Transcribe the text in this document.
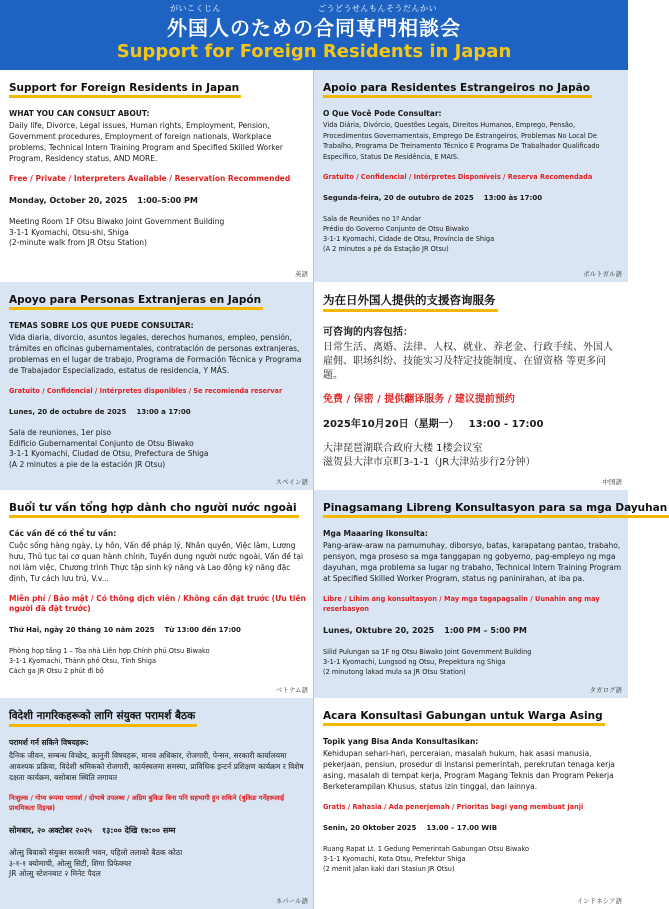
がいこくじん	ごうどうせんもんそうだんかい
外国人のための合同専門相談会
Support for Foreign Residents in Japan
Support for Foreign Residents in Japan
WHAT YOU CAN CONSULT ABOUT:
Daily life, Divorce, Legal issues, Human rights, Employment, Pension, Government procedures, Employment of foreign nationals, Workplace problems, Technical Intern Training Program and Specified Skilled Worker Program, Residency status, AND MORE.
Free / Private / Interpreters Available / Reservation Recommended
Monday, October 20, 2025 1:00–5:00 PM
Meeting Room 1F Otsu Biwako Joint Government Building
3-1-1 Kyomachi, Otsu-shi, Shiga
(2-minute walk from JR Otsu Station)
英語
Apoio para Residentes Estrangeiros no Japão
O Que Você Pode Consultar:
Vida Diária, Divórcio, Questões Legais, Direitos Humanos, Emprego, Pensão, Procedimentos Governamentais, Emprego De Estrangeiros, Problemas No Local De Trabalho, Programa De Treinamento Técnico E Programa De Trabalhador Qualificado Específico, Status De Residência, E MAIS.
Gratuito / Confidencial / Intérpretes Disponíveis / Reserva Recomendada
Segunda-feira, 20 de outubro de 2025 13:00 às 17:00
Sala de Reuniões no 1º Andar
Prédio do Governo Conjunto de Otsu Biwako
3-1-1 Kyomachi, Cidade de Otsu, Província de Shiga
(A 2 minutos a pé da Estação JR Otsu)
ポルトガル語
Apoyo para Personas Extranjeras en Japón
TEMAS SOBRE LOS QUE PUEDE CONSULTAR:
Vida diaria, divorcio, asuntos legales, derechos humanos, empleo, pensión, trámites en oficinas gubernamentales, contratación de personas extranjeras, problemas en el lugar de trabajo, Programa de Formación Técnica y Programa de Trabajador Especializado, estatus de residencia, Y MÁS.
Gratuito / Confidencial / Intérpretes disponibles / Se recomienda reservar
Lunes, 20 de octubre de 2025 13:00 a 17:00
Sala de reuniones, 1er piso
Edificio Gubernamental Conjunto de Otsu Biwako
3-1-1 Kyomachi, Ciudad de Otsu, Prefectura de Shiga
(A 2 minutos a pie de la estación JR Otsu)
スペイン語
为在日外国人提供的支援咨询服务
可咨询的内容包括：
日常生活、离婚、法律、人权、就业、养老金、行政手续、外国人雇佣、职场纠纷、技能实习及特定技能制度、在留资格 等更多问题。
免费 / 保密 / 提供翻译服务 / 建议提前预约
2025年10月20日（星期一） 13:00 - 17:00
大津琵琶湖联合政府大楼 1楼会议室
滋贺县大津市京町3-1-1（JR大津站步行2分钟）
中国語
Buổi tư vấn tổng hợp dành cho người nước ngoài
Các vấn đề có thể tư vấn:
Cuộc sống hàng ngày, Ly hôn, Vấn đề pháp lý, Nhân quyền, Việc làm, Lương hưu, Thủ tục tại cơ quan hành chính, Tuyển dụng người nước ngoài, Vấn đề tại nơi làm việc, Chương trình Thực tập sinh kỹ năng và Lao động kỹ năng đặc định, Tư cách lưu trú, V.v...
Miễn phí / Bảo mật / Có thông dịch viên / Không cần đặt trước (Ưu tiên người đã đặt trước)
Thứ Hai, ngày 20 tháng 10 năm 2025 Từ 13:00 đến 17:00
Phòng họp tầng 1 – Tòa nhà Liên hợp Chính phủ Otsu Biwako
3-1-1 Kyomachi, Thành phố Otsu, Tỉnh Shiga
Cách ga JR Otsu 2 phút đi bộ
ベトナム語
Pinagsamang Libreng Konsultasyon para sa mga Dayuhan
Mga Maaaring Ikonsulta:
Pang-araw-araw na pamumuhay, diborsyo, batas, karapatang pantao, trabaho, pensyon, mga proseso sa mga tanggapan ng gobyerno, pag-empleyo ng mga dayuhan, mga problema sa lugar ng trabaho, Technical Intern Training Program at Specified Skilled Worker Program, status ng paninirahan, at iba pa.
Libre / Lihim ang konsultasyon / May mga tagapagsalin / Uunahin ang may reserbasyon
Lunes, Oktubre 20, 2025 1:00 PM – 5:00 PM
Silid Pulungan sa 1F ng Otsu Biwako Joint Government Building
3-1-1 Kyomachi, Lungsod ng Otsu, Prepektura ng Shiga
(2 minutong lakad mula sa JR Otsu Station)
タガログ語
विदेशी नागरिकहरूको लागि संयुक्त परामर्श बैठक
परामर्श गर्न सकिने विषयहरू:
दैनिक जीवन, सम्बन्ध विच्छेद, कानुनी विषयहरू, मानव अधिकार, रोजगारी, पेन्सन, सरकारी कार्यालयमा आवश्यक प्रक्रिया, विदेशी श्रमिकको रोजगारी, कार्यस्थलमा समस्या, प्राविधिक इन्टर्न प्रशिक्षण कार्यक्रम र विशेष दक्षता कार्यक्रम, बसोबास स्थिति लगायत
निःशुल्क / गोप्य रूपमा परामर्श / दोभाषे उपलब्ध / अग्रिम बुकिङ बिना पनि सहभागी हुन सकिने (बुकिङ गर्नेहरूलाई प्राथमिकता दिइन्छ)
सोमबार, २० अक्टोबर २०२५ १३:०० देखि १७:०० सम्म
ओत्सु बिवाको संयुक्त सरकारी भवन, पहिलो तलाको बैठक कोठा
३-१-१ क्योमाची, ओत्सु सिटी, शिगा प्रिफेक्चर
JR ओत्सु स्टेशनबाट २ मिनेट पैदल
ネパール語
Acara Konsultasi Gabungan untuk Warga Asing
Topik yang Bisa Anda Konsultasikan:
Kehidupan sehari-hari, perceraian, masalah hukum, hak asasi manusia, pekerjaan, pensiun, prosedur di instansi pemerintah, perekrutan tenaga kerja asing, masalah di tempat kerja, Program Magang Teknis dan Program Pekerja Berketerampilan Khusus, status izin tinggal, dan lainnya.
Gratis / Rahasia / Ada penerjemah / Prioritas bagi yang membuat janji
Senin, 20 Oktober 2025 13.00 – 17.00 WIB
Ruang Rapat Lt. 1 Gedung Pemerintah Gabungan Otsu Biwako
3-1-1 Kyomachi, Kota Otsu, Prefektur Shiga
(2 menit jalan kaki dari Stasiun JR Otsu)
インドネシア語
